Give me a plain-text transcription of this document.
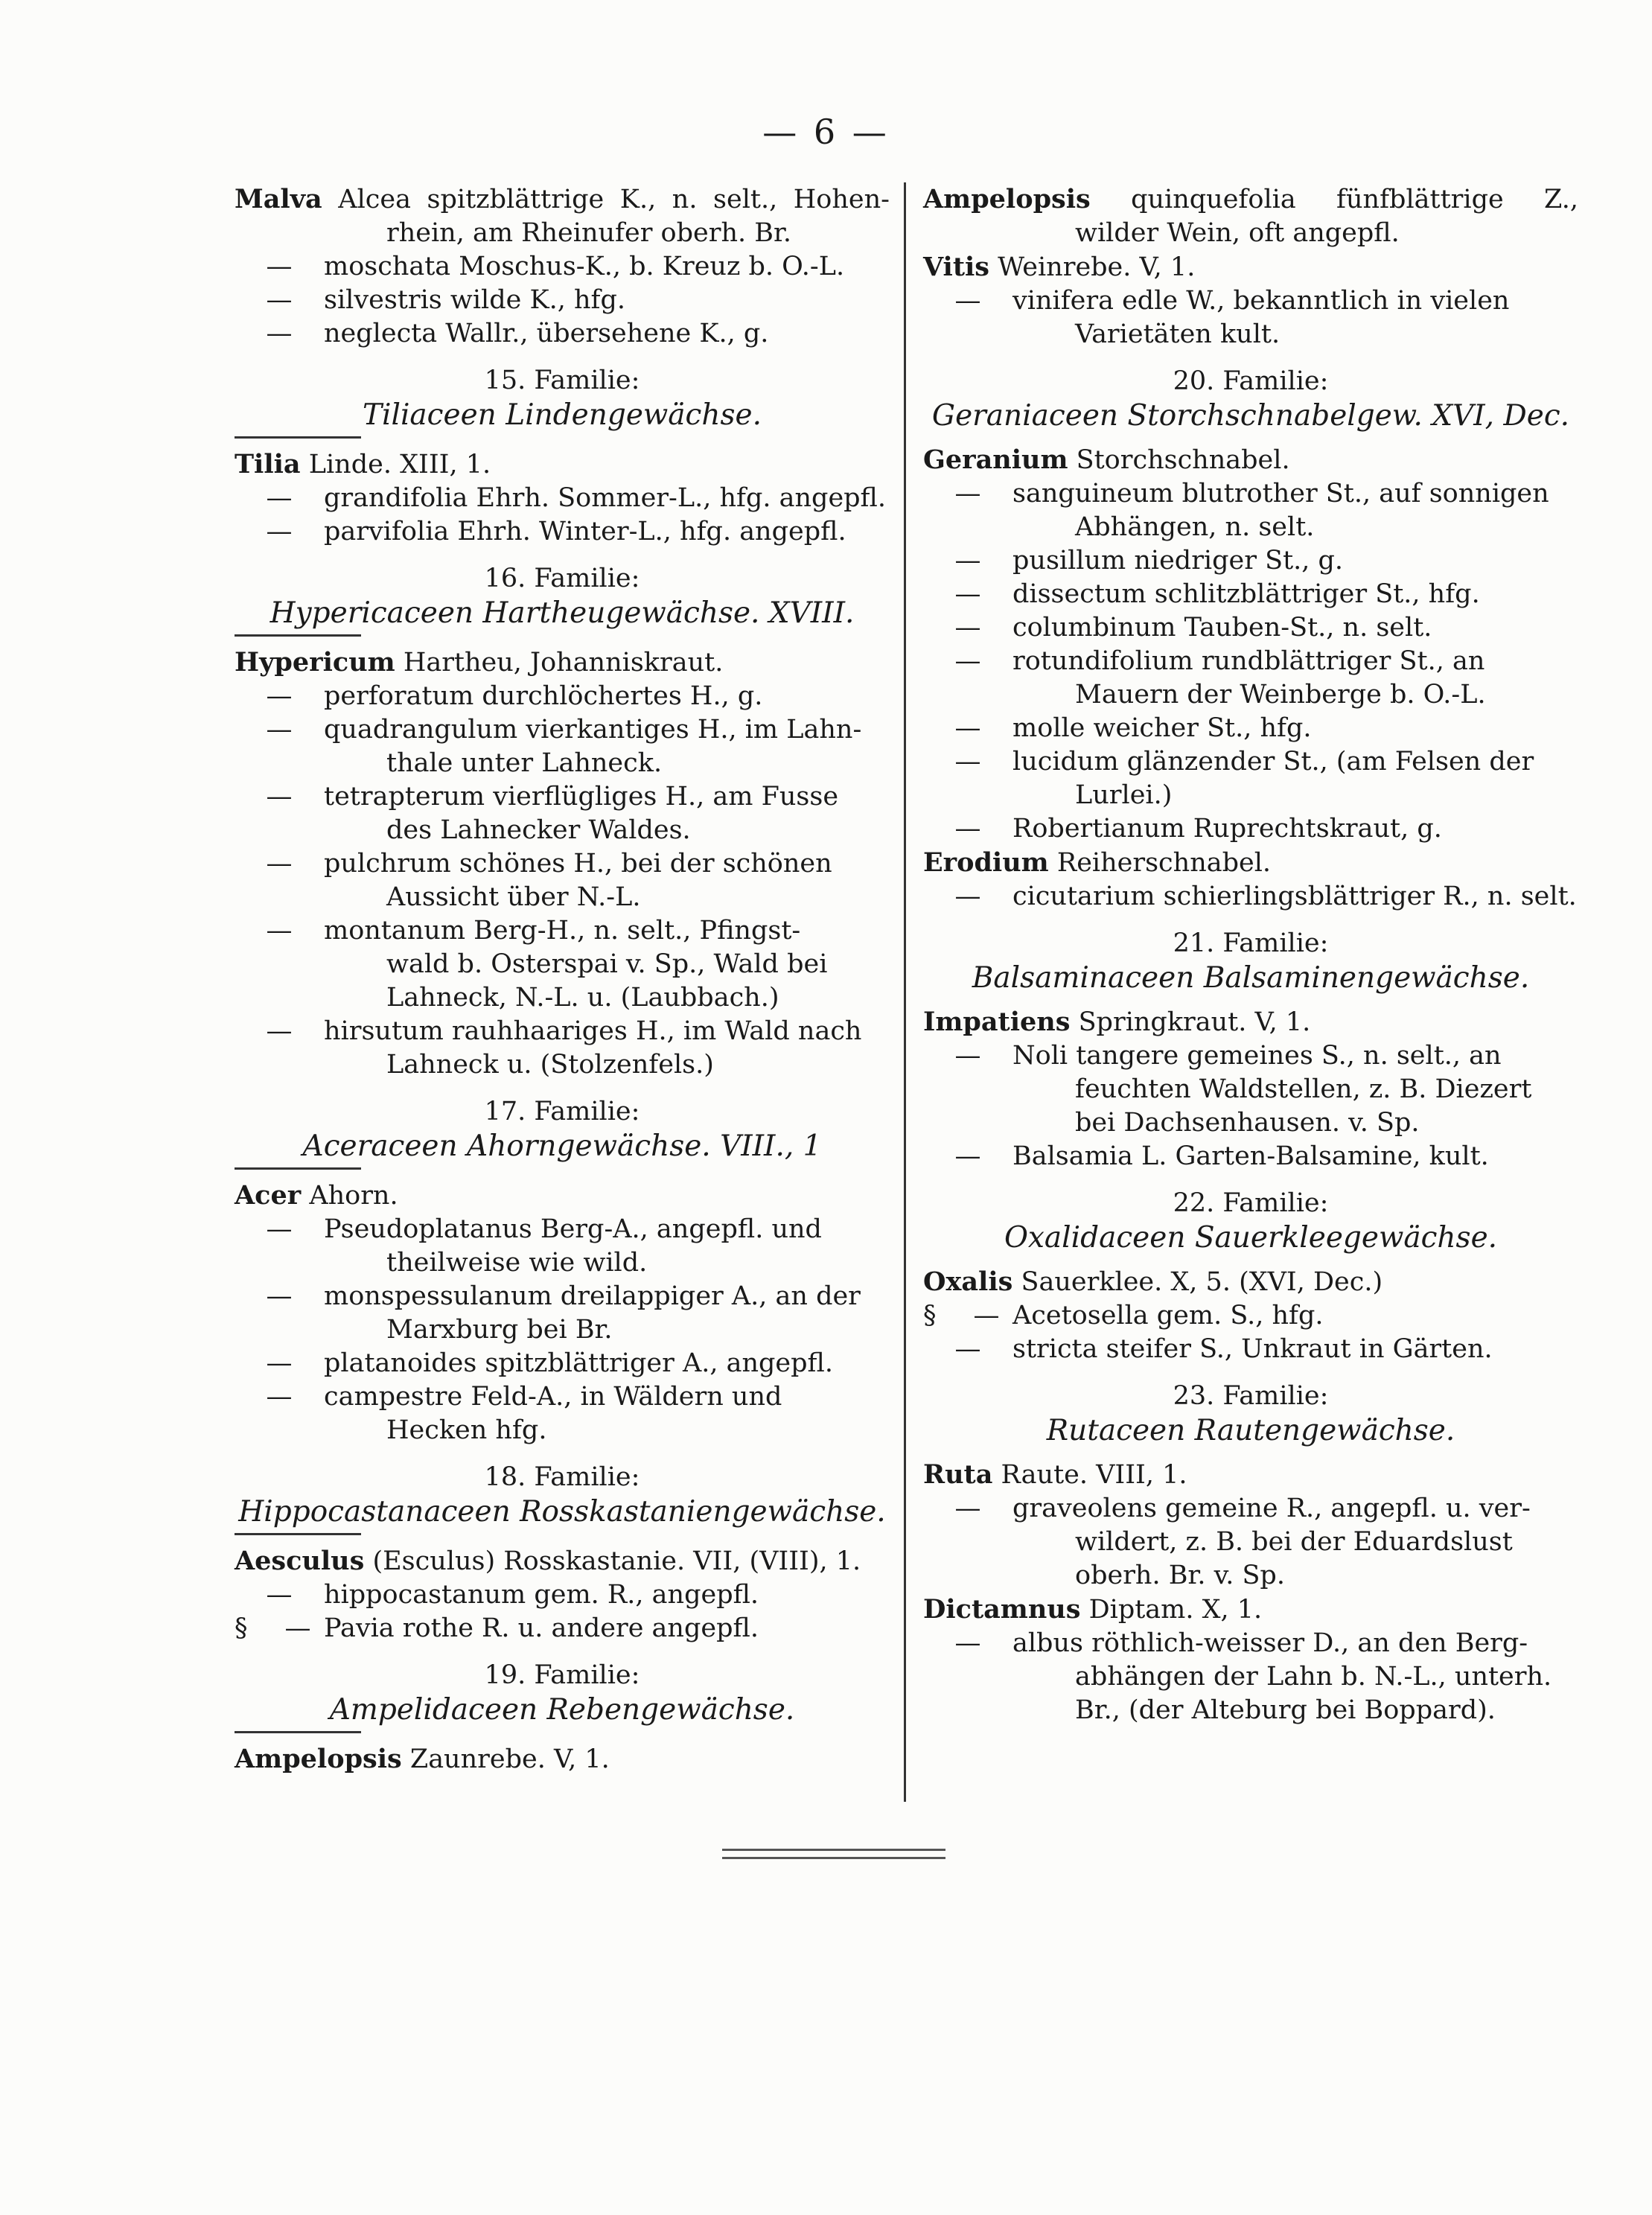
— 6 —
Malva Alcea spitzblättrige K., n. selt., Hohen-
rhein, am Rheinufer oberh. Br.
— moschata Moschus-K., b. Kreuz b. O.-L.
— silvestris wilde K., hfg.
— neglecta Wallr., übersehene K., g.
15. Familie:
Tiliaceen Lindengewächse.
Tilia Linde. XIII, 1.
— grandifolia Ehrh. Sommer-L., hfg. angepfl.
— parvifolia Ehrh. Winter-L., hfg. angepfl.
16. Familie:
Hypericaceen Hartheugewächse. XVIII.
Hypericum Hartheu, Johanniskraut.
— perforatum durchlöchertes H., g.
— quadrangulum vierkantiges H., im Lahn-
thale unter Lahneck.
— tetrapterum vierflügliges H., am Fusse
des Lahnecker Waldes.
— pulchrum schönes H., bei der schönen
Aussicht über N.-L.
— montanum Berg-H., n. selt., Pfingst-
wald b. Osterspai v. Sp., Wald bei
Lahneck, N.-L. u. (Laubbach.)
— hirsutum rauhhaariges H., im Wald nach
Lahneck u. (Stolzenfels.)
17. Familie:
Aceraceen Ahorngewächse. VIII., 1
Acer Ahorn.
— Pseudoplatanus Berg-A., angepfl. und
theilweise wie wild.
— monspessulanum dreilappiger A., an der
Marxburg bei Br.
— platanoides spitzblättriger A., angepfl.
— campestre Feld-A., in Wäldern und
Hecken hfg.
18. Familie:
Hippocastanaceen Rosskastaniengewächse.
Aesculus (Esculus) Rosskastanie. VII, (VIII), 1.
— hippocastanum gem. R., angepfl.
§ — Pavia rothe R. u. andere angepfl.
19. Familie:
Ampelidaceen Rebengewächse.
Ampelopsis Zaunrebe. V, 1.
Ampelopsis quinquefolia fünfblättrige Z.,
wilder Wein, oft angepfl.
Vitis Weinrebe. V, 1.
— vinifera edle W., bekanntlich in vielen
Varietäten kult.
20. Familie:
Geraniaceen Storchschnabelgew. XVI, Dec.
Geranium Storchschnabel.
— sanguineum blutrother St., auf sonnigen
Abhängen, n. selt.
— pusillum niedriger St., g.
— dissectum schlitzblättriger St., hfg.
— columbinum Tauben-St., n. selt.
— rotundifolium rundblättriger St., an
Mauern der Weinberge b. O.-L.
— molle weicher St., hfg.
— lucidum glänzender St., (am Felsen der
Lurlei.)
— Robertianum Ruprechtskraut, g.
Erodium Reiherschnabel.
— cicutarium schierlingsblättriger R., n. selt.
21. Familie:
Balsaminaceen Balsaminengewächse.
Impatiens Springkraut. V, 1.
— Noli tangere gemeines S., n. selt., an
feuchten Waldstellen, z. B. Diezert
bei Dachsenhausen. v. Sp.
— Balsamia L. Garten-Balsamine, kult.
22. Familie:
Oxalidaceen Sauerkleegewächse.
Oxalis Sauerklee. X, 5. (XVI, Dec.)
§ — Acetosella gem. S., hfg.
— stricta steifer S., Unkraut in Gärten.
23. Familie:
Rutaceen Rautengewächse.
Ruta Raute. VIII, 1.
— graveolens gemeine R., angepfl. u. ver-
wildert, z. B. bei der Eduardslust
oberh. Br. v. Sp.
Dictamnus Diptam. X, 1.
— albus röthlich-weisser D., an den Berg-
abhängen der Lahn b. N.-L., unterh.
Br., (der Alteburg bei Boppard).
